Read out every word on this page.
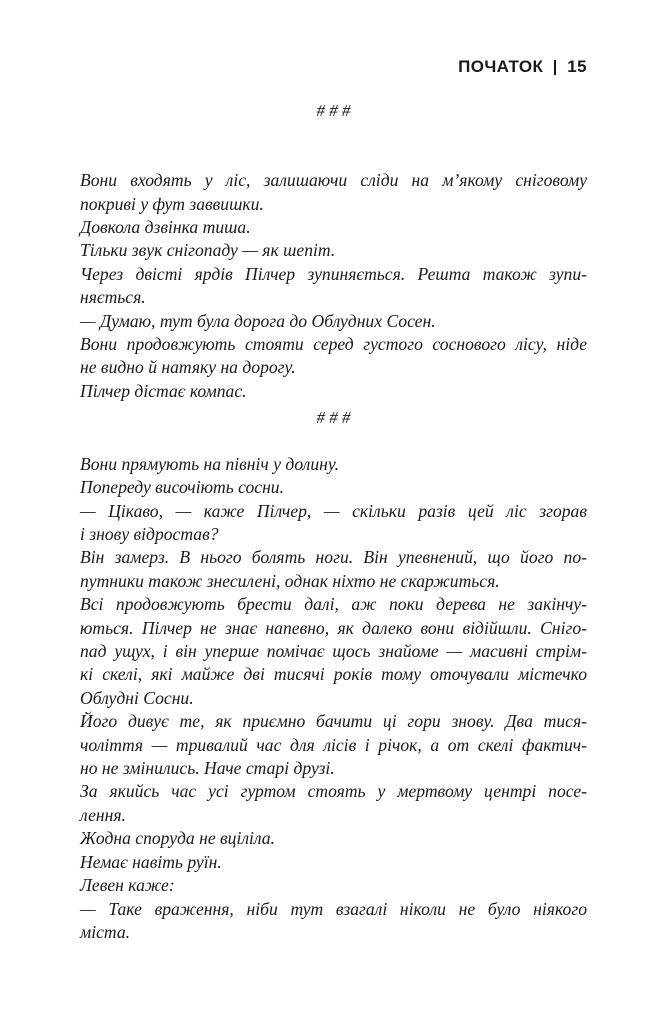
ПОЧАТОК 15
# # #
Вони входять у ліс, залишаючи сліди на м’якому сніговому
покриві у фут заввишки.
Довкола дзвінка тиша.
Тільки звук снігопаду — як шепіт.
Через двісті ярдів Пілчер зупиняється. Решта також зупи-
няється.
— Думаю, тут була дорога до Облудних Сосен.
Вони продовжують стояти серед густого соснового лісу, ніде
не видно й натяку на дорогу.
Пілчер дістає компас.
# # #
Вони прямують на північ у долину.
Попереду височіють сосни.
— Цікаво, — каже Пілчер, — скільки разів цей ліс згорав
і знову відростав?
Він замерз. В нього болять ноги. Він упевнений, що його по-
путники також знесилені, однак ніхто не скаржиться.
Всі продовжують брести далі, аж поки дерева не закінчу-
ються. Пілчер не знає напевно, як далеко вони відійшли. Сніго-
пад ущух, і він уперше помічає щось знайоме — масивні стрім-
кі скелі, які майже дві тисячі років тому оточували містечко
Облудні Сосни.
Його дивує те, як приємно бачити ці гори знову. Два тися-
чоліття — тривалий час для лісів і річок, а от скелі фактич-
но не змінились. Наче старі друзі.
За якийсь час усі гуртом стоять у мертвому центрі посе-
лення.
Жодна споруда не вціліла.
Немає навіть руїн.
Левен каже:
— Таке враження, ніби тут взагалі ніколи не було ніякого
міста.
